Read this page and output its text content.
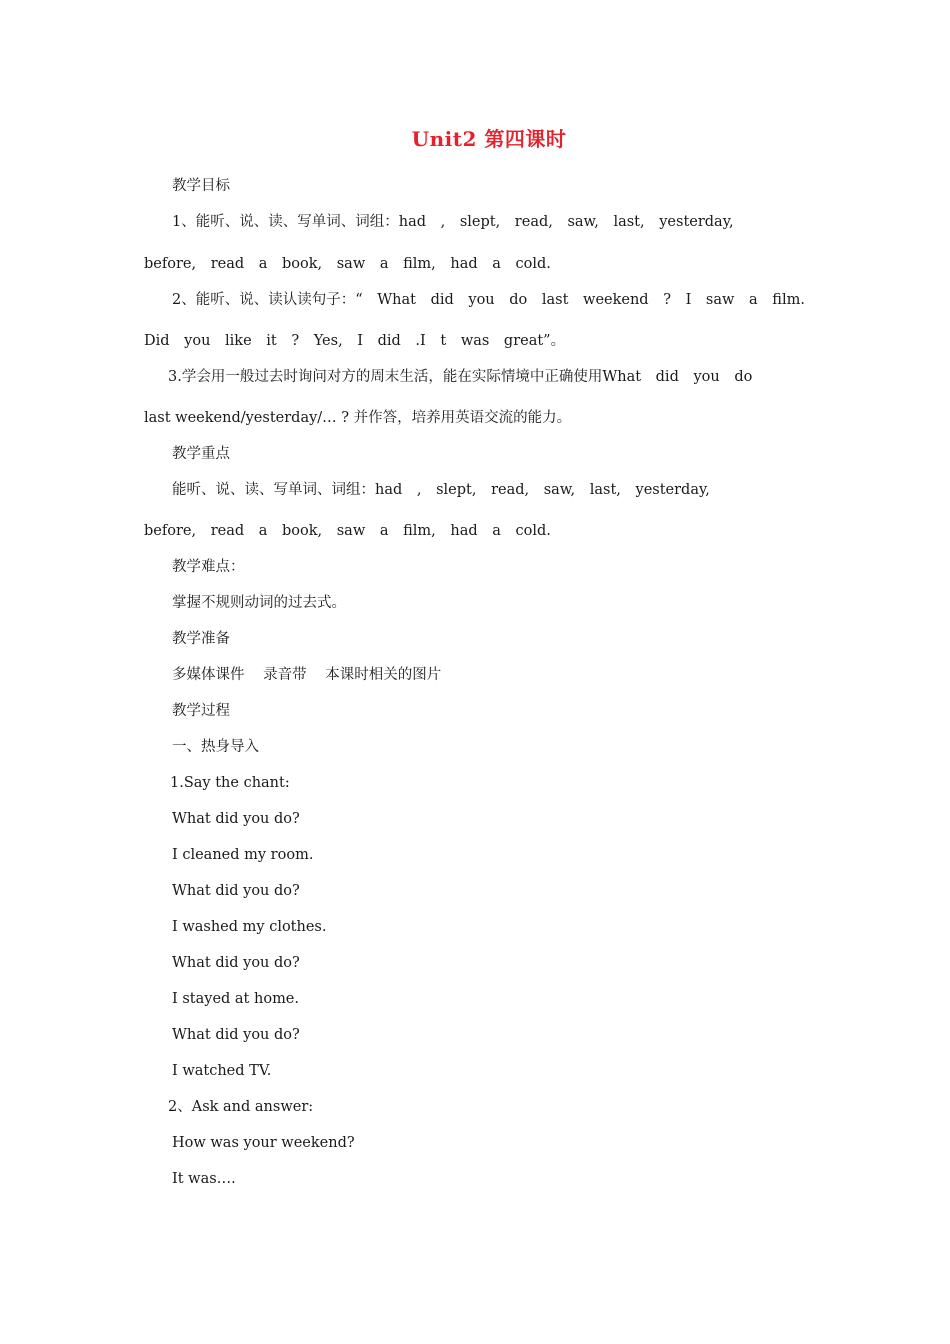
Unit2 第四课时
教学目标
1、能听、说、读、写单词、词组：had , slept, read, saw, last, yesterday,
before, read a book, saw a film, had a cold.
2、能听、说、读认读句子：“ What did you do last weekend ? I saw a film.
Did you like it ? Yes, I did .I t was great”。
3.学会用一般过去时询问对方的周末生活，能在实际情境中正确使用What did you do
last weekend/yesterday/… ? 并作答，培养用英语交流的能力。
教学重点
能听、说、读、写单词、词组：had , slept, read, saw, last, yesterday,
before, read a book, saw a film, had a cold.
教学难点：
掌握不规则动词的过去式。
教学准备
多媒体课件 录音带 本课时相关的图片
教学过程
一、热身导入
1.Say the chant:
What did you do?
I cleaned my room.
What did you do?
I washed my clothes.
What did you do?
I stayed at home.
What did you do?
I watched TV.
2、Ask and answer:
How was your weekend?
It was….
